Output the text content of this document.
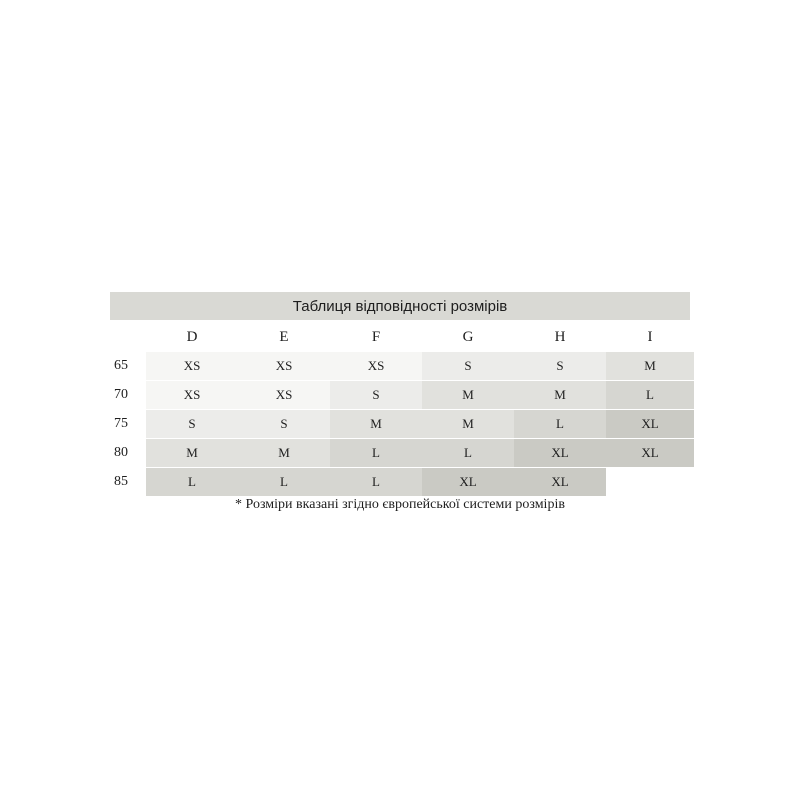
Таблиця відповідності розмірів
	D	E	F	G	H	I
65	XS	XS	XS	S	S	M
70	XS	XS	S	M	M	L
75	S	S	M	M	L	XL
80	M	M	L	L	XL	XL
85	L	L	L	XL	XL	
* Розміри вказані згідно європейської системи розмірів
